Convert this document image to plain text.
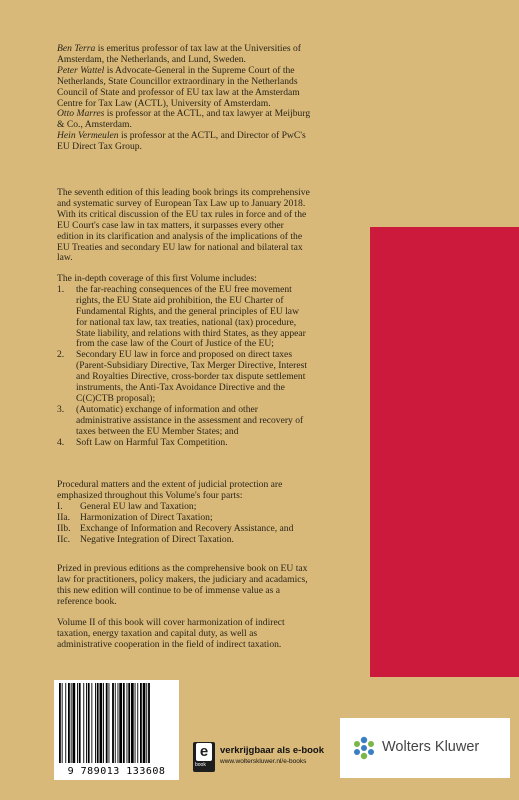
Ben Terra is emeritus professor of tax law at the Universities of Amsterdam, the Netherlands, and Lund, Sweden.

Peter Wattel is Advocate-General in the Supreme Court of the Netherlands, State Councillor extraordinary in the Netherlands Council of State and professor of EU tax law at the Amsterdam Centre for Tax Law (ACTL), University of Amsterdam.

Otto Marres is professor at the ACTL, and tax lawyer at Meijburg & Co., Amsterdam.

Hein Vermeulen is professor at the ACTL, and Director of PwC's EU Direct Tax Group.

The seventh edition of this leading book brings its comprehensive and systematic survey of European Tax Law up to January 2018. With its critical discussion of the EU tax rules in force and of the EU Court's case law in tax matters, it surpasses every other edition in its clarification and analysis of the implications of the EU Treaties and secondary EU law for national and bilateral tax law.
The in-depth coverage of this first Volume includes:
1.	the far-reaching consequences of the EU free movement rights, the EU State aid prohibition, the EU Charter of Fundamental Rights, and the general principles of EU law for national tax law, tax treaties, national (tax) procedure, State liability, and relations with third States, as they appear from the case law of the Court of Justice of the EU;
2.	Secondary EU law in force and proposed on direct taxes (Parent-Subsidiary Directive, Tax Merger Directive, Interest and Royalties Directive, cross-border tax dispute settlement instruments, the Anti-Tax Avoidance Directive and the C(C)CTB proposal);
3.	(Automatic) exchange of information and other administrative assistance in the assessment and recovery of taxes between the EU Member States; and
4.	Soft Law on Harmful Tax Competition.
Procedural matters and the extent of judicial protection are emphasized throughout this Volume's four parts:
I.	General EU law and Taxation;
IIa.	Harmonization of Direct Taxation;
IIb. Exchange of Information and Recovery Assistance, and
IIc.	Negative Integration of Direct Taxation.
Prized in previous editions as the comprehensive book on EU tax law for practitioners, policy makers, the judiciary and acadamics, this new edition will continue to be of immense value as a reference book.
Volume II of this book will cover harmonization of indirect taxation, energy taxation and capital duty, as well as administrative cooperation in the field of indirect taxation.
9 789013 133608
e
book
verkrijgbaar als e-book
www.wolterskluwer.nl/e-books
Wolters Kluwer
